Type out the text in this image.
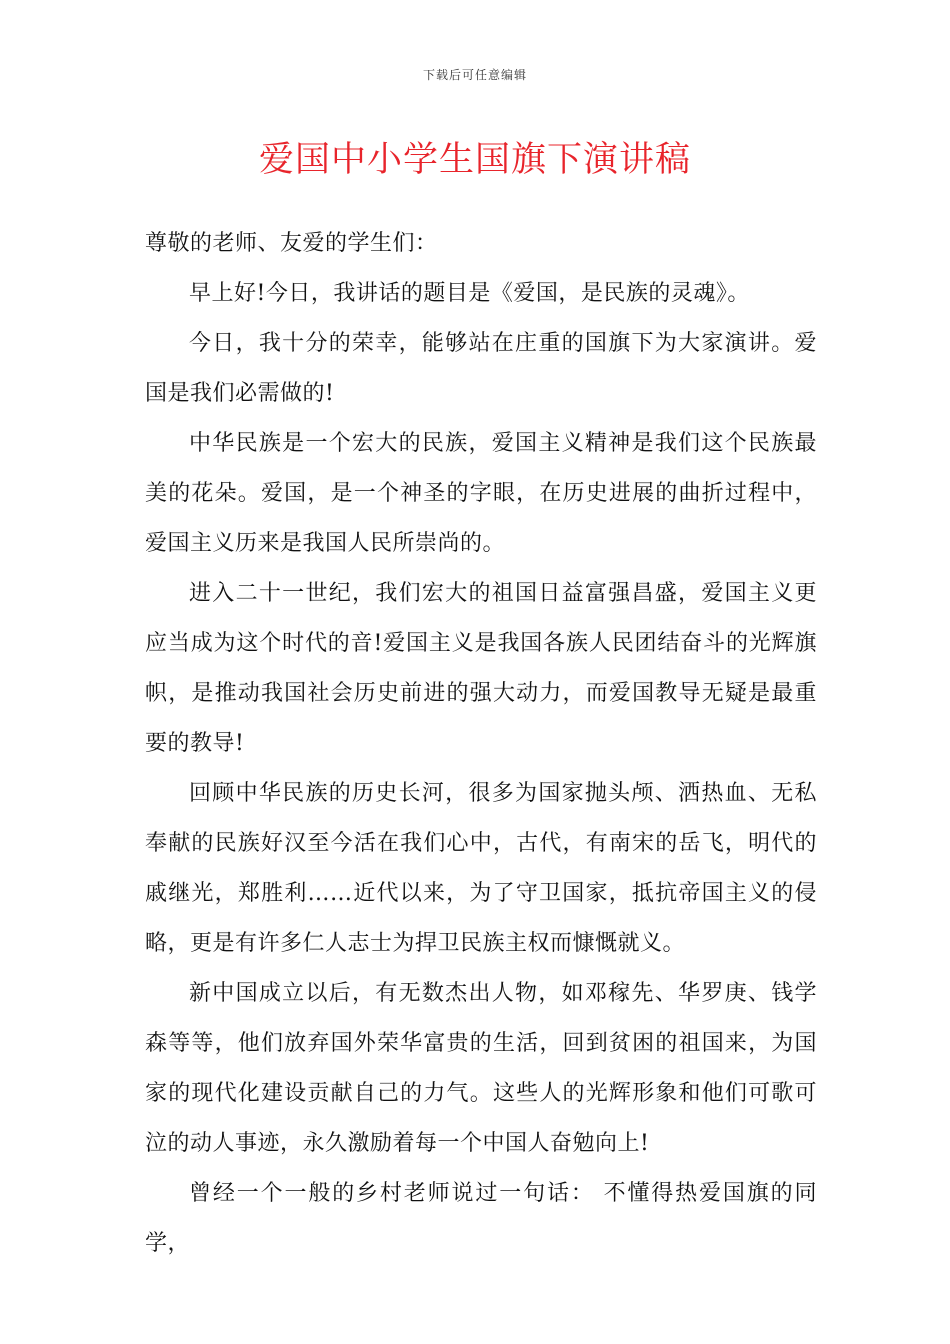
下载后可任意编辑
爱国中小学生国旗下演讲稿

尊敬的老师、友爱的学生们：

早上好!今日，我讲话的题目是《爱国，是民族的灵魂》。

今日，我十分的荣幸，能够站在庄重的国旗下为大家演讲。爱国是我们必需做的!

中华民族是一个宏大的民族，爱国主义精神是我们这个民族最美的花朵。爱国，是一个神圣的字眼，在历史进展的曲折过程中，爱国主义历来是我国人民所崇尚的。

进入二十一世纪，我们宏大的祖国日益富强昌盛，爱国主义更应当成为这个时代的音!爱国主义是我国各族人民团结奋斗的光辉旗帜，是推动我国社会历史前进的强大动力，而爱国教导无疑是最重要的教导!

回顾中华民族的历史长河，很多为国家抛头颅、洒热血、无私奉献的民族好汉至今活在我们心中，古代，有南宋的岳飞，明代的戚继光，郑胜利……近代以来，为了守卫国家，抵抗帝国主义的侵略，更是有许多仁人志士为捍卫民族主权而慷慨就义。

新中国成立以后，有无数杰出人物，如邓稼先、华罗庚、钱学森等等，他们放弃国外荣华富贵的生活，回到贫困的祖国来，为国家的现代化建设贡献自己的力气。这些人的光辉形象和他们可歌可泣的动人事迹，永久激励着每一个中国人奋勉向上!

曾经一个一般的乡村老师说过一句话： 不懂得热爱国旗的同学，
